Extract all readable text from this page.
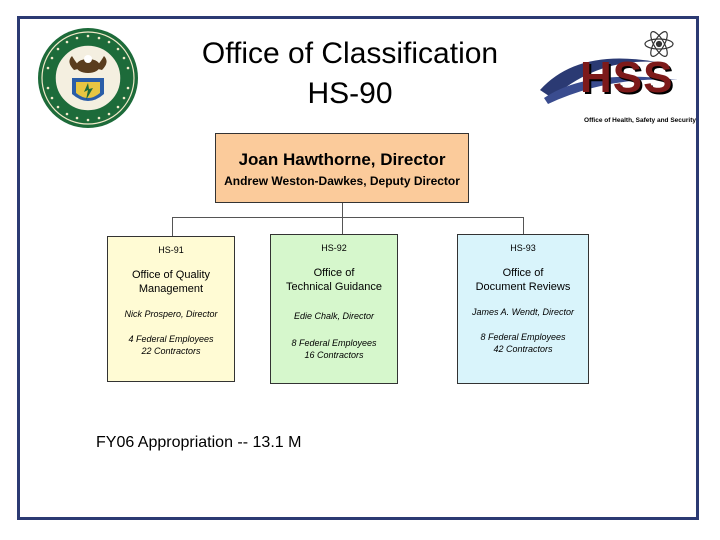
Office of Classification
HS-90	HSS
Office of Health, Safety and Security
Joan Hawthorne, Director
Andrew Weston-Dawkes, Deputy Director
HS-91
Office of Quality
Management
Nick Prospero, Director
4 Federal Employees
22 Contractors
HS-92
Office of
Technical Guidance
Edie Chalk, Director
8 Federal Employees
16 Contractors
HS-93
Office of
Document Reviews
James A. Wendt, Director
8 Federal Employees
42 Contractors
FY06 Appropriation -- 13.1 M
